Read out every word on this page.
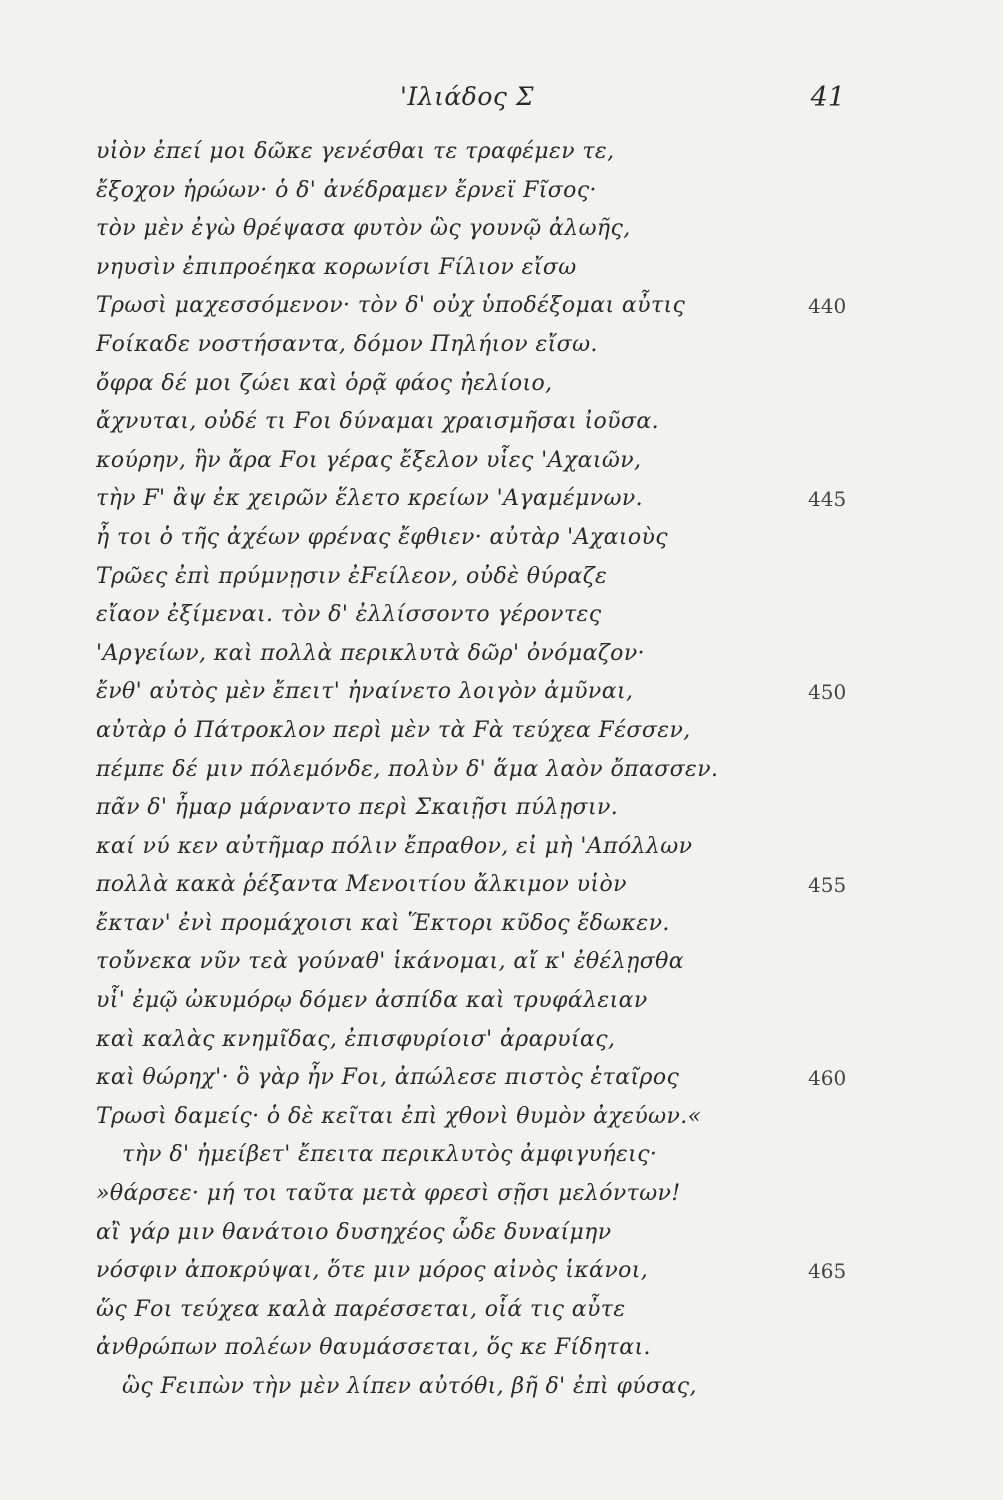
'Ιλιάδος Σ	41
υἱὸν ἐπεί μοι δῶκε γενέσθαι τε τραφέμεν τε,
ἔξοχον ἡρώων· ὁ δ' ἀνέδραμεν ἔρνεϊ Fῖσος·
τὸν μὲν ἐγὼ θρέψασα φυτὸν ὣς γουνῷ ἀλωῆς,
νηυσὶν ἐπιπροέηκα κορωνίσι Fίλιον εἴσω
Τρωσὶ μαχεσσόμενον· τὸν δ' οὐχ ὑποδέξομαι αὖτις	440
Fοίκαδε νοστήσαντα, δόμον Πηλήιον εἴσω.
ὄφρα δέ μοι ζώει καὶ ὁρᾷ φάος ἠελίοιο,
ἄχνυται, οὐδέ τι Fοι δύναμαι χραισμῆσαι ἰοῦσα.
κούρην, ἣν ἄρα Fοι γέρας ἔξελον υἷες 'Αχαιῶν,
τὴν F' ἂψ ἐκ χειρῶν ἕλετο κρείων 'Αγαμέμνων.	445
ἦ τοι ὁ τῆς ἀχέων φρένας ἔφθιεν· αὐτὰρ 'Αχαιοὺς
Τρῶες ἐπὶ πρύμνῃσιν ἐFείλεον, οὐδὲ θύραζε
εἴαον ἐξίμεναι. τὸν δ' ἐλλίσσοντο γέροντες
'Αργείων, καὶ πολλὰ περικλυτὰ δῶρ' ὀνόμαζον·
ἔνθ' αὐτὸς μὲν ἔπειτ' ἠναίνετο λοιγὸν ἀμῦναι,	450
αὐτὰρ ὁ Πάτροκλον περὶ μὲν τὰ Fὰ τεύχεα Fέσσεν,
πέμπε δέ μιν πόλεμόνδε, πολὺν δ' ἅμα λαὸν ὄπασσεν.
πᾶν δ' ἦμαρ μάρναντο περὶ Σκαιῇσι πύλῃσιν.
καί νύ κεν αὐτῆμαρ πόλιν ἔπραθον, εἰ μὴ 'Απόλλων
πολλὰ κακὰ ῥέξαντα Μενοιτίου ἄλκιμον υἱὸν	455
ἔκταν' ἐνὶ προμάχοισι καὶ Ἕκτορι κῦδος ἔδωκεν.
τοὔνεκα νῦν τεὰ γούναθ' ἱκάνομαι, αἴ κ' ἐθέλῃσθα
υἷ' ἐμῷ ὠκυμόρῳ δόμεν ἀσπίδα καὶ τρυφάλειαν
καὶ καλὰς κνημῖδας, ἐπισφυρίοισ' ἀραρυίας,
καὶ θώρηχ'· ὃ γὰρ ἦν Fοι, ἀπώλεσε πιστὸς ἑταῖρος	460
Τρωσὶ δαμείς· ὁ δὲ κεῖται ἐπὶ χθονὶ θυμὸν ἀχεύων.«
τὴν δ' ἠμείβετ' ἔπειτα περικλυτὸς ἀμφιγυήεις·
»θάρσεε· μή τοι ταῦτα μετὰ φρεσὶ σῇσι μελόντων!
αἲ γάρ μιν θανάτοιο δυσηχέος ὧδε δυναίμην
νόσφιν ἀποκρύψαι, ὅτε μιν μόρος αἰνὸς ἱκάνοι,	465
ὥς Fοι τεύχεα καλὰ παρέσσεται, οἷά τις αὖτε
ἀνθρώπων πολέων θαυμάσσεται, ὅς κε Fίδηται.
ὣς Fειπὼν τὴν μὲν λίπεν αὐτόθι, βῆ δ' ἐπὶ φύσας,
